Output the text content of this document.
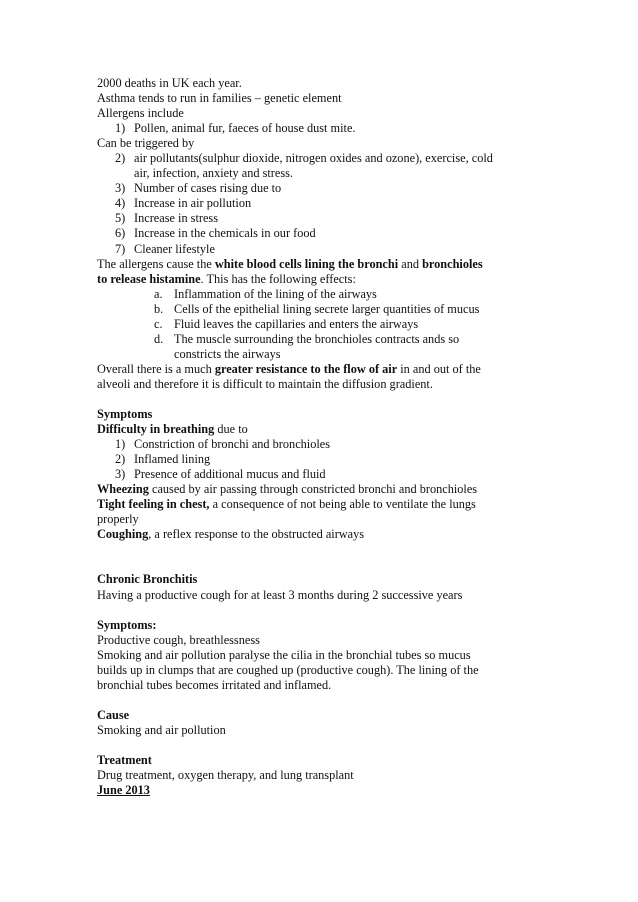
2000 deaths in UK each year.
Asthma tends to run in families – genetic element
Allergens include
1) Pollen, animal fur, faeces of house dust mite.
Can be triggered by
2) air pollutants(sulphur dioxide, nitrogen oxides and ozone), exercise, cold
air, infection, anxiety and stress.
3) Number of cases rising due to
4) Increase in air pollution
5) Increase in stress
6) Increase in the chemicals in our food
7) Cleaner lifestyle
The allergens cause the white blood cells lining the bronchi and bronchioles
to release histamine. This has the following effects:
a. Inflammation of the lining of the airways
b. Cells of the epithelial lining secrete larger quantities of mucus
c. Fluid leaves the capillaries and enters the airways
d. The muscle surrounding the bronchioles contracts ands so
constricts the airways
Overall there is a much greater resistance to the flow of air in and out of the
alveoli and therefore it is difficult to maintain the diffusion gradient.
Symptoms
Difficulty in breathing due to
1) Constriction of bronchi and bronchioles
2) Inflamed lining
3) Presence of additional mucus and fluid
Wheezing caused by air passing through constricted bronchi and bronchioles
Tight feeling in chest, a consequence of not being able to ventilate the lungs
properly
Coughing, a reflex response to the obstructed airways
Chronic Bronchitis
Having a productive cough for at least 3 months during 2 successive years
Symptoms:
Productive cough, breathlessness
Smoking and air pollution paralyse the cilia in the bronchial tubes so mucus
builds up in clumps that are coughed up (productive cough). The lining of the
bronchial tubes becomes irritated and inflamed.
Cause
Smoking and air pollution
Treatment
Drug treatment, oxygen therapy, and lung transplant
June 2013
